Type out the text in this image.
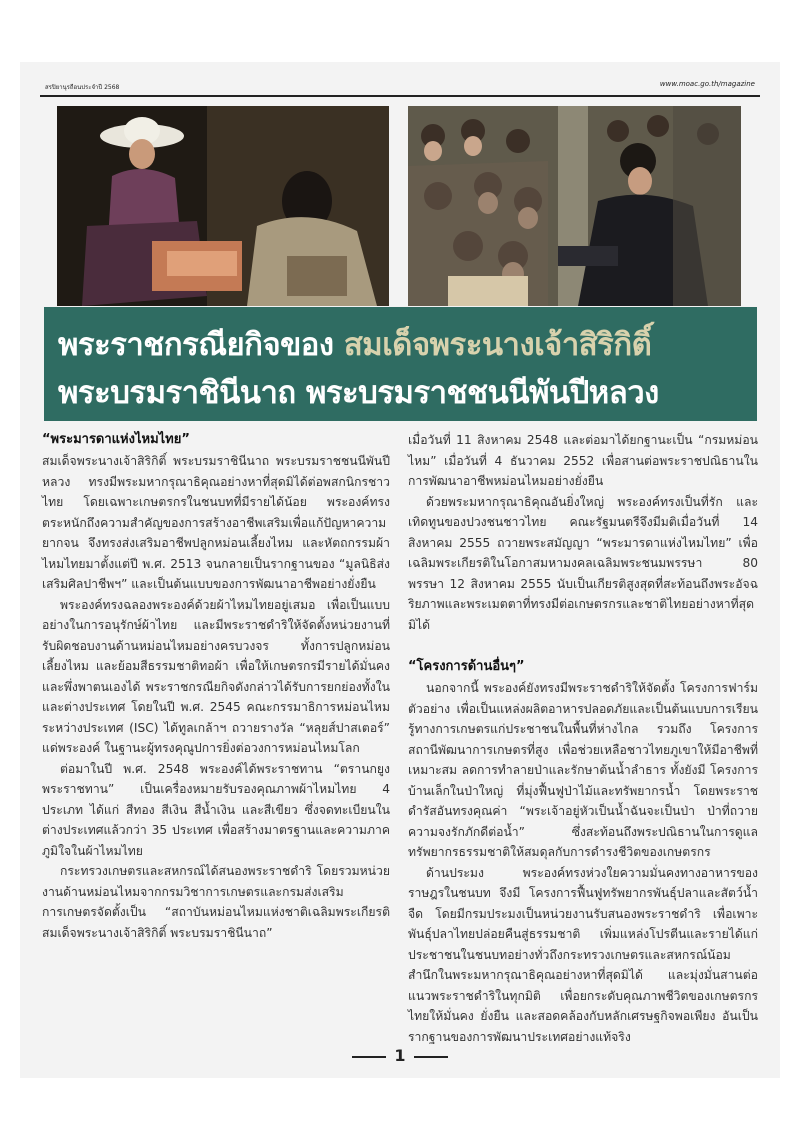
สรปิยานุรถือนประจำปี 2568	www.moac.go.th/magazine
พระราชกรณียกิจของ สมเด็จพระนางเจ้าสิริกิติ์
พระบรมราชินีนาถ พระบรมราชชนนีพันปีหลวง
“พระมารดาแห่งไหมไทย”

สมเด็จพระนางเจ้าสิริกิติ์ พระบรมราชินีนาถ พระบรมราชชนนีพันปีหลวง ทรงมีพระมหากรุณาธิคุณอย่างหาที่สุดมิได้ต่อพสกนิกรชาวไทย โดยเฉพาะเกษตรกรในชนบทที่มีรายได้น้อย พระองค์ทรงตระหนักถึงความสำคัญของการสร้างอาชีพเสริมเพื่อแก้ปัญหาความยากจน จึงทรงส่งเสริมอาชีพปลูกหม่อนเลี้ยงไหม และหัตถกรรมผ้าไหมไทยมาตั้งแต่ปี พ.ศ. 2513 จนกลายเป็นรากฐานของ “มูลนิธิส่งเสริมศิลปาชีพฯ” และเป็นต้นแบบของการพัฒนาอาชีพอย่างยั่งยืน

พระองค์ทรงฉลองพระองค์ด้วยผ้าไหมไทยอยู่เสมอ เพื่อเป็นแบบอย่างในการอนุรักษ์ผ้าไทย และมีพระราชดำริให้จัดตั้งหน่วยงานที่รับผิดชอบงานด้านหม่อนไหมอย่างครบวงจร ทั้งการปลูกหม่อน เลี้ยงไหม และย้อมสีธรรมชาติทอผ้า เพื่อให้เกษตรกรมีรายได้มั่นคงและพึ่งพาตนเองได้ พระราชกรณียกิจดังกล่าวได้รับการยกย่องทั้งในและต่างประเทศ โดยในปี พ.ศ. 2545 คณะกรรมาธิการหม่อนไหมระหว่างประเทศ (ISC) ได้ทูลเกล้าฯ ถวายรางวัล “หลุยส์ปาสเตอร์” แด่พระองค์ ในฐานะผู้ทรงคุณูปการยิ่งต่อวงการหม่อนไหมโลก

ต่อมาในปี พ.ศ. 2548 พระองค์ได้พระราชทาน “ตรานกยูงพระราชทาน” เป็นเครื่องหมายรับรองคุณภาพผ้าไหมไทย 4 ประเภท ได้แก่ สีทอง สีเงิน สีน้ำเงิน และสีเขียว ซึ่งจดทะเบียนในต่างประเทศแล้วกว่า 35 ประเทศ เพื่อสร้างมาตรฐานและความภาคภูมิใจในผ้าไหมไทย

กระทรวงเกษตรและสหกรณ์ได้สนองพระราชดำริ โดยรวมหน่วยงานด้านหม่อนไหมจากกรมวิชาการเกษตรและกรมส่งเสริมการเกษตรจัดตั้งเป็น “สถาบันหม่อนไหมแห่งชาติเฉลิมพระเกียรติสมเด็จพระนางเจ้าสิริกิติ์ พระบรมราชินีนาถ”

เมื่อวันที่ 11 สิงหาคม 2548 และต่อมาได้ยกฐานะเป็น “กรมหม่อนไหม” เมื่อวันที่ 4 ธันวาคม 2552 เพื่อสานต่อพระราชปณิธานในการพัฒนาอาชีพหม่อนไหมอย่างยั่งยืน

ด้วยพระมหากรุณาธิคุณอันยิ่งใหญ่ พระองค์ทรงเป็นที่รัก และเทิดทูนของปวงชนชาวไทย คณะรัฐมนตรีจึงมีมติเมื่อวันที่ 14 สิงหาคม 2555 ถวายพระสมัญญา “พระมารดาแห่งไหมไทย” เพื่อเฉลิมพระเกียรติในโอกาสมหามงคลเฉลิมพระชนมพรรษา 80 พรรษา 12 สิงหาคม 2555 นับเป็นเกียรติสูงสุดที่สะท้อนถึงพระอัจฉริยภาพและพระเมตตาที่ทรงมีต่อเกษตรกรและชาติไทยอย่างหาที่สุดมิได้

“โครงการด้านอื่นๆ”

นอกจากนี้ พระองค์ยังทรงมีพระราชดำริให้จัดตั้ง โครงการฟาร์มตัวอย่าง เพื่อเป็นแหล่งผลิตอาหารปลอดภัยและเป็นต้นแบบการเรียนรู้ทางการเกษตรแก่ประชาชนในพื้นที่ห่างไกล รวมถึง โครงการสถานีพัฒนาการเกษตรที่สูง เพื่อช่วยเหลือชาวไทยภูเขาให้มีอาชีพที่เหมาะสม ลดการทำลายป่าและรักษาต้นน้ำลำธาร ทั้งยังมี โครงการบ้านเล็กในป่าใหญ่ ที่มุ่งฟื้นฟูป่าไม้และทรัพยากรน้ำ โดยพระราชดำรัสอันทรงคุณค่า “พระเจ้าอยู่หัวเป็นน้ำฉันจะเป็นป่า ป่าที่ถวายความจงรักภักดีต่อน้ำ” ซึ่งสะท้อนถึงพระปณิธานในการดูแลทรัพยากรธรรมชาติให้สมดุลกับการดำรงชีวิตของเกษตรกร

ด้านประมง พระองค์ทรงห่วงใยความมั่นคงทางอาหารของราษฎรในชนบท จึงมี โครงการฟื้นฟูทรัพยากรพันธุ์ปลาและสัตว์น้ำจืด โดยมีกรมประมงเป็นหน่วยงานรับสนองพระราชดำริ เพื่อเพาะพันธุ์ปลาไทยปล่อยคืนสู่ธรรมชาติ เพิ่มแหล่งโปรตีนและรายได้แก่ประชาชนในชนบทอย่างทั่วถึงกระทรวงเกษตรและสหกรณ์น้อมสำนึกในพระมหากรุณาธิคุณอย่างหาที่สุดมิได้ และมุ่งมั่นสานต่อแนวพระราชดำริในทุกมิติ เพื่อยกระดับคุณภาพชีวิตของเกษตรกรไทยให้มั่นคง ยั่งยืน และสอดคล้องกับหลักเศรษฐกิจพอเพียง อันเป็นรากฐานของการพัฒนาประเทศอย่างแท้จริง

1
